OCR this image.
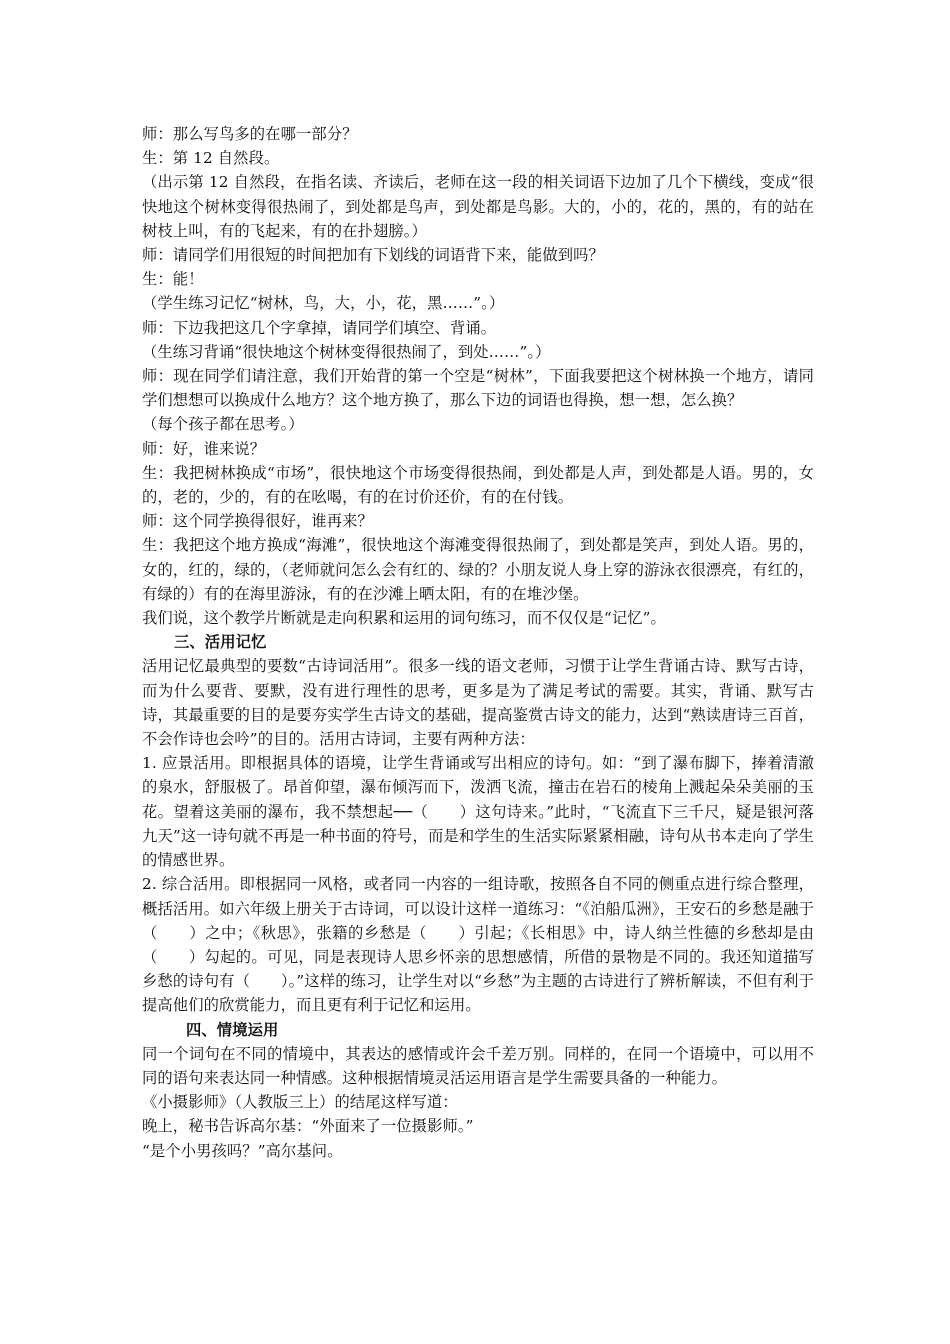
师：那么写鸟多的在哪一部分？

生：第 12 自然段。

（出示第 12 自然段，在指名读、齐读后，老师在这一段的相关词语下边加了几个下横线，变成“很快地这个树林变得很热闹了，到处都是鸟声，到处都是鸟影。大的，小的，花的，黑的，有的站在树枝上叫，有的飞起来，有的在扑翅膀。）

师：请同学们用很短的时间把加有下划线的词语背下来，能做到吗？

生：能！

（学生练习记忆“树林，鸟，大，小，花，黑……”。）

师：下边我把这几个字拿掉，请同学们填空、背诵。

（生练习背诵“很快地这个树林变得很热闹了，到处……”。）

师：现在同学们请注意，我们开始背的第一个空是“树林”，下面我要把这个树林换一个地方，请同学们想想可以换成什么地方？这个地方换了，那么下边的词语也得换，想一想，怎么换？

（每个孩子都在思考。）

师：好，谁来说？

生：我把树林换成“市场”，很快地这个市场变得很热闹，到处都是人声，到处都是人语。男的，女的，老的，少的，有的在吆喝，有的在讨价还价，有的在付钱。

师：这个同学换得很好，谁再来？

生：我把这个地方换成“海滩”，很快地这个海滩变得很热闹了，到处都是笑声，到处人语。男的，女的，红的，绿的，（老师就问怎么会有红的、绿的？小朋友说人身上穿的游泳衣很漂亮，有红的，有绿的）有的在海里游泳，有的在沙滩上晒太阳，有的在堆沙堡。

我们说，这个教学片断就是走向积累和运用的词句练习，而不仅仅是“记忆”。

三、活用记忆

活用记忆最典型的要数“古诗词活用”。很多一线的语文老师，习惯于让学生背诵古诗、默写古诗，而为什么要背、要默，没有进行理性的思考，更多是为了满足考试的需要。其实，背诵、默写古诗，其最重要的目的是要夯实学生古诗文的基础，提高鉴赏古诗文的能力，达到“熟读唐诗三百首，不会作诗也会吟”的目的。活用古诗词，主要有两种方法：

1. 应景活用。即根据具体的语境，让学生背诵或写出相应的诗句。如：“到了瀑布脚下，捧着清澈的泉水，舒服极了。昂首仰望，瀑布倾泻而下，泼洒飞流，撞击在岩石的棱角上溅起朵朵美丽的玉花。望着这美丽的瀑布，我不禁想起──（　　）这句诗来。”此时，“飞流直下三千尺，疑是银河落九天”这一诗句就不再是一种书面的符号，而是和学生的生活实际紧紧相融，诗句从书本走向了学生的情感世界。

2. 综合活用。即根据同一风格，或者同一内容的一组诗歌，按照各自不同的侧重点进行综合整理，概括活用。如六年级上册关于古诗词，可以设计这样一道练习：“《泊船瓜洲》，王安石的乡愁是融于（　　）之中；《秋思》，张籍的乡愁是（　　）引起；《长相思》中，诗人纳兰性德的乡愁却是由（　　）勾起的。可见，同是表现诗人思乡怀亲的思想感情，所借的景物是不同的。我还知道描写乡愁的诗句有（　　）。”这样的练习，让学生对以“乡愁”为主题的古诗进行了辨析解读，不但有利于提高他们的欣赏能力，而且更有利于记忆和运用。

四、情境运用

同一个词句在不同的情境中，其表达的感情或许会千差万别。同样的，在同一个语境中，可以用不同的语句来表达同一种情感。这种根据情境灵活运用语言是学生需要具备的一种能力。

《小摄影师》（人教版三上）的结尾这样写道：

晚上，秘书告诉高尔基：“外面来了一位摄影师。”

“是个小男孩吗？”高尔基问。
